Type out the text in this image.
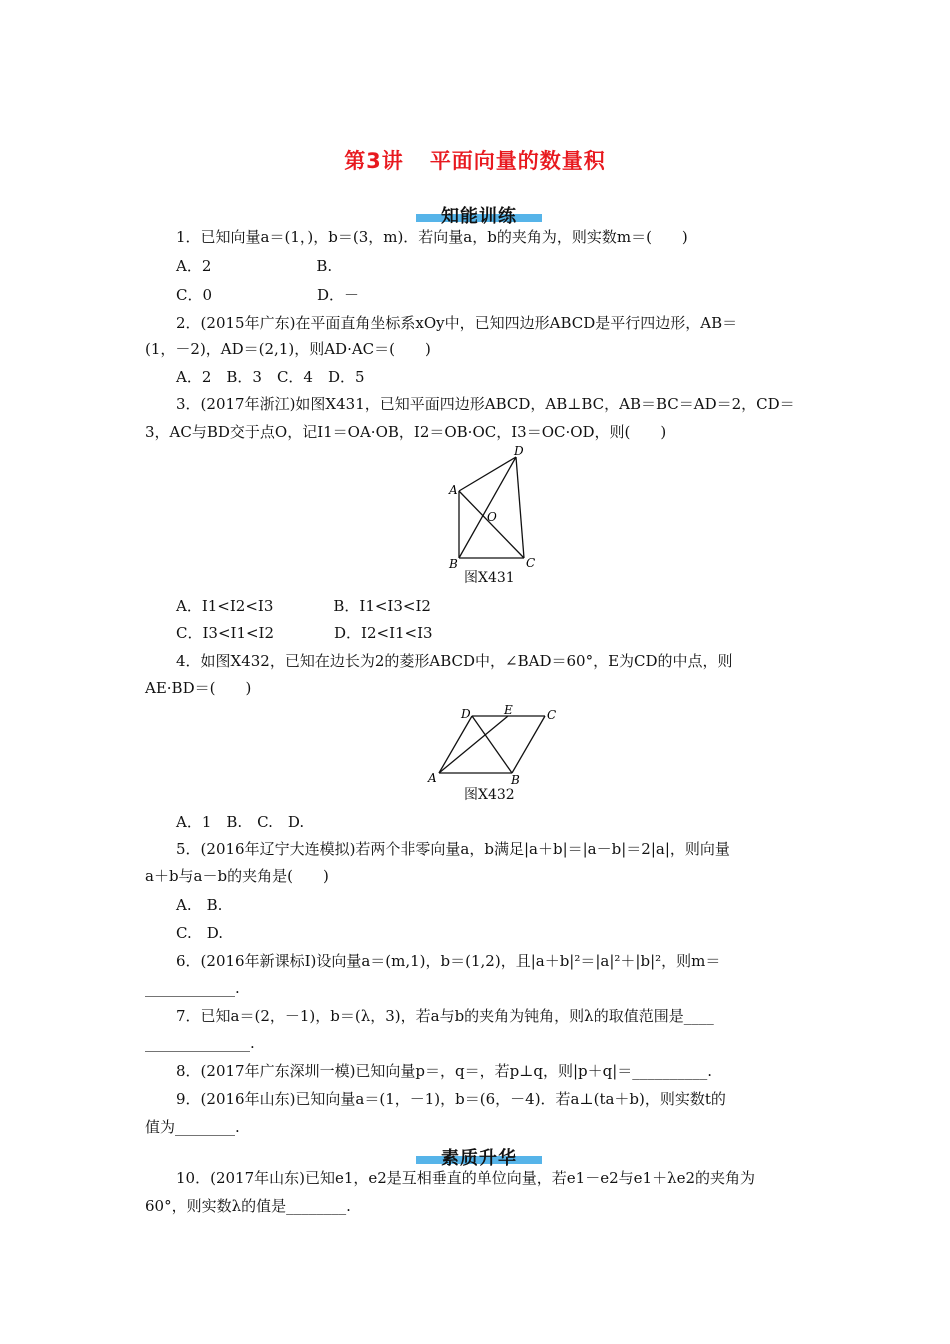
第3讲 平面向量的数量积
知能训练
1．已知向量a＝(1，)，b＝(3，m)．若向量a，b的夹角为，则实数m＝(　　)
A．2　　　　　　　B.
C．0　　　　　　　D．－
2．(2015年广东)在平面直角坐标系xOy中，已知四边形ABCD是平行四边形，AB＝
(1，－2)，AD＝(2,1)，则AD·AC＝(　　)
A．2　B．3　C．4　D．5
3．(2017年浙江)如图X431，已知平面四边形ABCD，AB⊥BC，AB＝BC＝AD＝2，CD＝
3，AC与BD交于点O，记I1＝OA·OB，I2＝OB·OC，I3＝OC·OD，则(　　)
A
B	C
D
O
图X431
A．I1<I2<I3　　　　B．I1<I3<I2
C．I3<I1<I2　　　　D．I2<I1<I3
4．如图X432，已知在边长为2的菱形ABCD中，∠BAD＝60°，E为CD的中点，则
AE·BD＝(　　)
A	B
C
D	E
图X432
A．1　B.　C.　D.
5．(2016年辽宁大连模拟)若两个非零向量a，b满足|a＋b|＝|a－b|＝2|a|，则向量
a＋b与a－b的夹角是(　　)
A.　B.
C.　D.
6．(2016年新课标Ⅰ)设向量a＝(m,1)，b＝(1,2)，且|a＋b|²＝|a|²＋|b|²，则m＝
____________.
7．已知a＝(2，－1)，b＝(λ，3)，若a与b的夹角为钝角，则λ的取值范围是____
______________.
8．(2017年广东深圳一模)已知向量p＝，q＝，若p⊥q，则|p＋q|＝__________.
9．(2016年山东)已知向量a＝(1，－1)，b＝(6，－4)．若a⊥(ta＋b)，则实数t的
值为________.
素质升华
10．(2017年山东)已知e1，e2是互相垂直的单位向量，若e1－e2与e1＋λe2的夹角为
60°，则实数λ的值是________.
